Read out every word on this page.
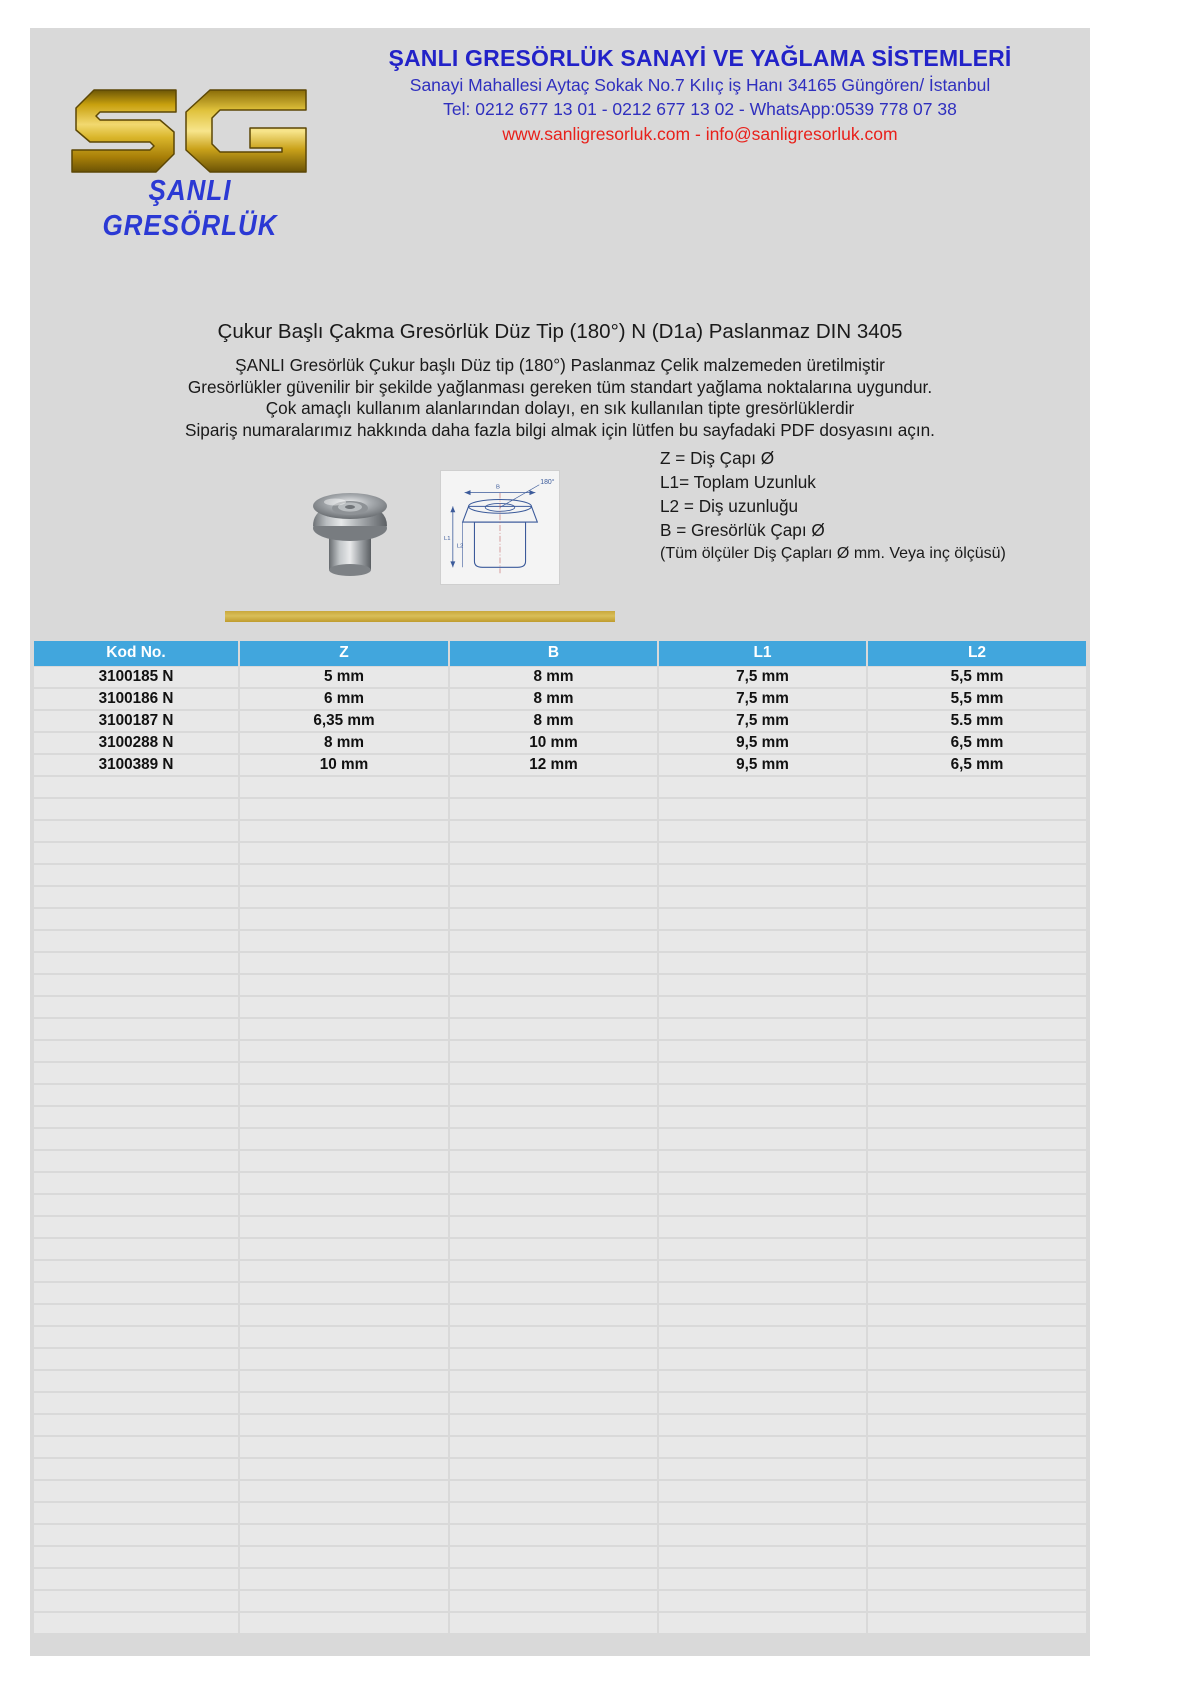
ŞANLI GRESÖRLÜK
ŞANLI GRESÖRLÜK SANAYİ VE YAĞLAMA SİSTEMLERİ
Sanayi Mahallesi Aytaç Sokak No.7 Kılıç iş Hanı 34165 Güngören/ İstanbul
Tel: 0212 677 13 01 - 0212 677 13 02 - WhatsApp:0539 778 07 38
www.sanligresorluk.com - info@sanligresorluk.com
Çukur Başlı Çakma Gresörlük Düz Tip (180°) N (D1a) Paslanmaz DIN 3405
ŞANLI Gresörlük Çukur başlı Düz tip (180°) Paslanmaz Çelik malzemeden üretilmiştir
Gresörlükler güvenilir bir şekilde yağlanması gereken tüm standart yağlama noktalarına uygundur.
Çok amaçlı kullanım alanlarından dolayı, en sık kullanılan tipte gresörlüklerdir
Sipariş numaralarımız hakkında daha fazla bilgi almak için lütfen bu sayfadaki PDF dosyasını açın.
180°
L1
L2
B
Z = Diş Çapı Ø
L1= Toplam Uzunluk
L2 = Diş uzunluğu
B = Gresörlük Çapı Ø
(Tüm ölçüler Diş Çapları Ø mm. Veya inç ölçüsü)
Kod No.	Z	B	L1	L2
3100185 N	5 mm	8 mm	7,5 mm	5,5 mm
3100186 N	6 mm	8 mm	7,5 mm	5,5 mm
3100187 N	6,35 mm	8 mm	7,5 mm	5.5 mm
3100288 N	8 mm	10 mm	9,5 mm	6,5 mm
3100389 N	10 mm	12 mm	9,5 mm	6,5 mm
